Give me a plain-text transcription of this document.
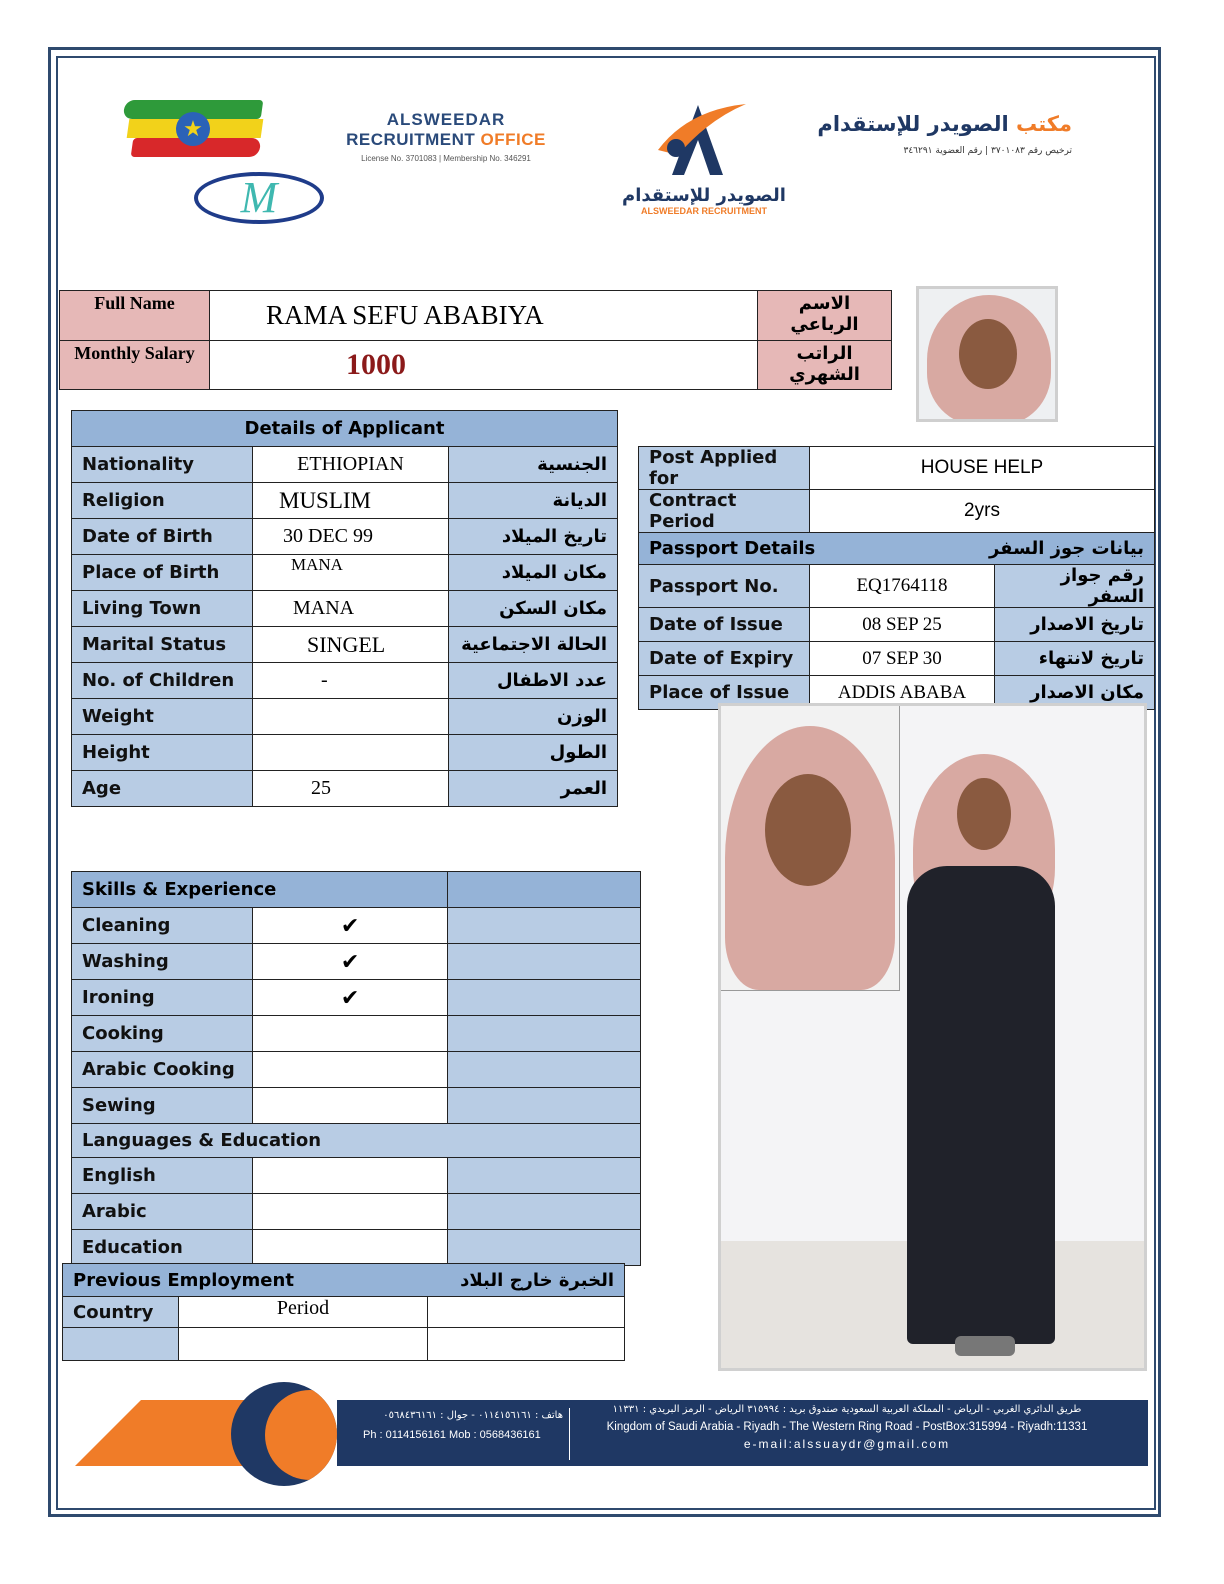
★
M
ALSWEEDAR
RECRUITMENT OFFICE
License No. 3701083 | Membership No. 346291
الصويدر للإستقدام
ALSWEEDAR RECRUITMENT
مكتب الصويدر للإستقدام
ترخيص رقم ٣٧٠١٠٨٣ | رقم العضوية ٣٤٦٢٩١
Full Name	RAMA SEFU ABABIYA	الاسم الرباعي
Monthly Salary	1000	الراتب الشهري
Details of Applicant		
Nationality	ETHIOPIAN	الجنسية
Religion	MUSLIM	الديانة
Date of Birth	30 DEC 99	تاريخ الميلاد
Place of Birth	MANA	مكان الميلاد
Living Town	MANA	مكان السكن
Marital Status	SINGEL	الحالة الاجتماعية
No. of Children	-	عدد الاطفال
Weight		الوزن
Height		الطول
Age	25	العمر
Post Applied for	HOUSE HELP	
Contract Period	2yrs	
Passport Details بيانات جوز السفر		

Passport No.	EQ1764118	رقم جواز السفر
Date of Issue	08 SEP 25	تاريخ الاصدار
Date of Expiry	07 SEP 30	تاريخ لانتهاء
Place of Issue	ADDIS ABABA	مكان الاصدار
Skills & Experience		
Cleaning	✔	
Washing	✔	
Ironing	✔	
Cooking		
Arabic Cooking		
Sewing		
Languages & Education		
English		
Arabic		
Education		
Previous Employment الخبرة خارج البلاد		

Country	Period	

هاتف : ٠١١٤١٥٦١٦١ - جوال : ٠٥٦٨٤٣٦١٦١
Ph : 0114156161 Mob : 0568436161
طريق الدائري الغربي - الرياض - المملكة العربية السعودية صندوق بريد : ٣١٥٩٩٤ الرياض - الرمز البريدي : ١١٣٣١
Kingdom of Saudi Arabia - Riyadh - The Western Ring Road - PostBox:315994 - Riyadh:11331
e-mail:alssuaydr@gmail.com
